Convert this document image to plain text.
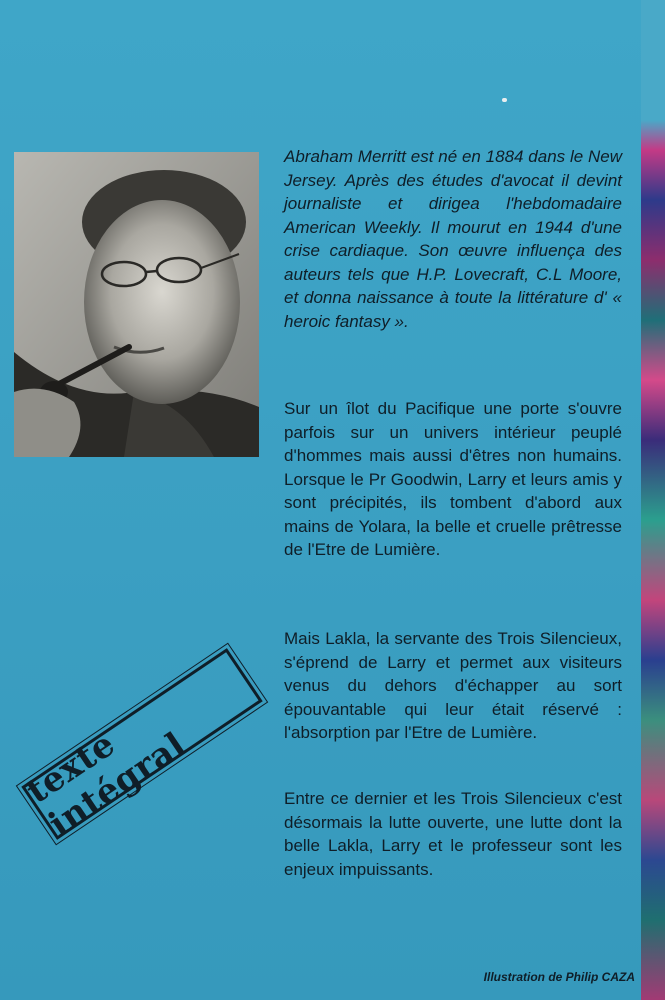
Abraham Merritt est né en 1884 dans le New Jersey. Après des études d'avocat il devint journaliste et dirigea l'hebdomadaire American Weekly. Il mourut en 1944 d'une crise cardiaque. Son œuvre influença des auteurs tels que H.P. Lovecraft, C.L Moore, et donna naissance à toute la littérature d' « heroic fantasy ».

Sur un îlot du Pacifique une porte s'ouvre parfois sur un univers intérieur peuplé d'hommes mais aussi d'êtres non humains. Lorsque le Pr Goodwin, Larry et leurs amis y sont précipités, ils tombent d'abord aux mains de Yolara, la belle et cruelle prêtresse de l'Etre de Lumière.

Mais Lakla, la servante des Trois Silencieux, s'éprend de Larry et permet aux visiteurs venus du dehors d'échapper au sort épouvantable qui leur était réservé : l'absorption par l'Etre de Lumière.

Entre ce dernier et les Trois Silencieux c'est désormais la lutte ouverte, une lutte dont la belle Lakla, Larry et le professeur sont les enjeux impuissants.

texte intégral
Illustration de Philip CAZA
